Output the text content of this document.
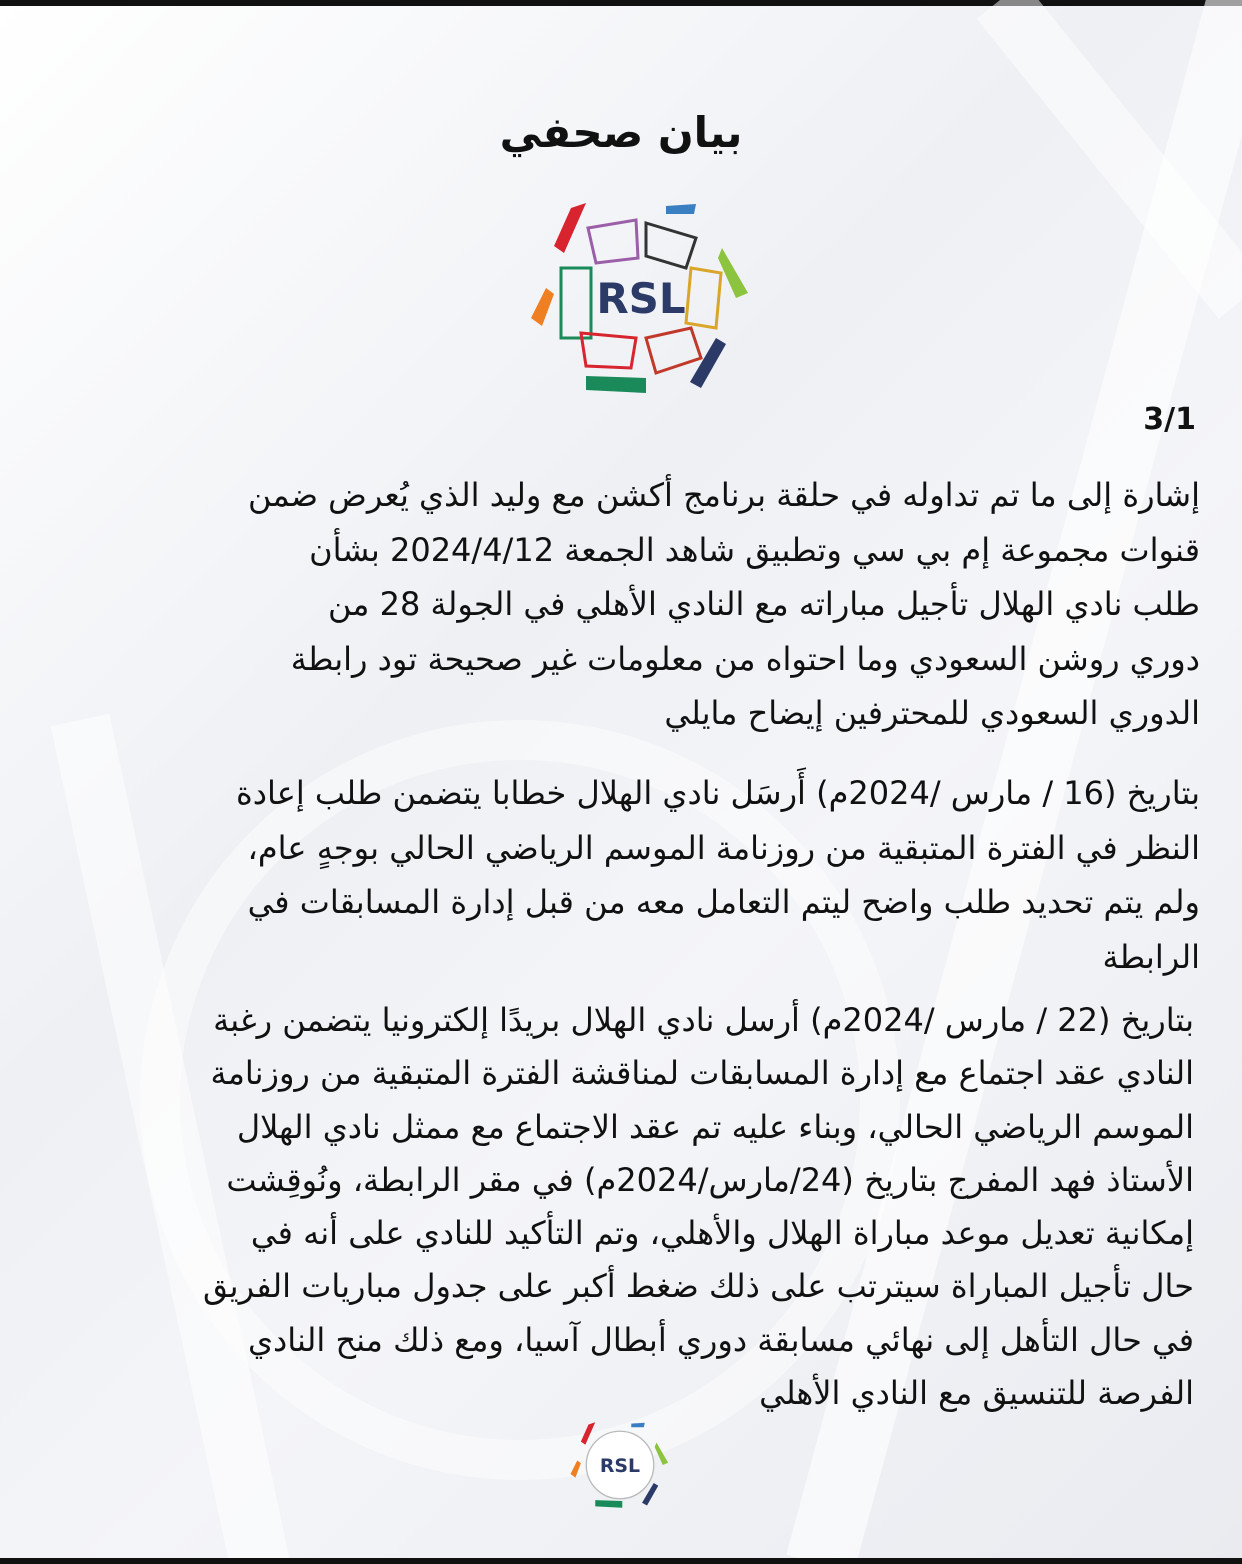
بيان صحفي
RSL
3/1
إشارة إلى ما تم تداوله في حلقة برنامج أكشن مع وليد الذي يُعرض ضمن
قنوات مجموعة إم بي سي وتطبيق شاهد الجمعة 2024/4/12 بشأن
طلب نادي الهلال تأجيل مباراته مع النادي الأهلي في الجولة 28 من
دوري روشن السعودي وما احتواه من معلومات غير صحيحة تود رابطة
الدوري السعودي للمحترفين إيضاح مايلي
بتاريخ (16 / مارس /2024م) أَرسَل نادي الهلال خطابا يتضمن طلب إعادة
النظر في الفترة المتبقية من روزنامة الموسم الرياضي الحالي بوجهٍ عام،
ولم يتم تحديد طلب واضح ليتم التعامل معه من قبل إدارة المسابقات في
الرابطة
بتاريخ (22 / مارس /2024م) أرسل نادي الهلال بريدًا إلكترونيا يتضمن رغبة
النادي عقد اجتماع مع إدارة المسابقات لمناقشة الفترة المتبقية من روزنامة
الموسم الرياضي الحالي، وبناء عليه تم عقد الاجتماع مع ممثل نادي الهلال
الأستاذ فهد المفرج بتاريخ (24/مارس/2024م) في مقر الرابطة، ونُوقِشت
إمكانية تعديل موعد مباراة الهلال والأهلي، وتم التأكيد للنادي على أنه في
حال تأجيل المباراة سيترتب على ذلك ضغط أكبر على جدول مباريات الفريق
في حال التأهل إلى نهائي مسابقة دوري أبطال آسيا، ومع ذلك منح النادي
الفرصة للتنسيق مع النادي الأهلي
RSL
